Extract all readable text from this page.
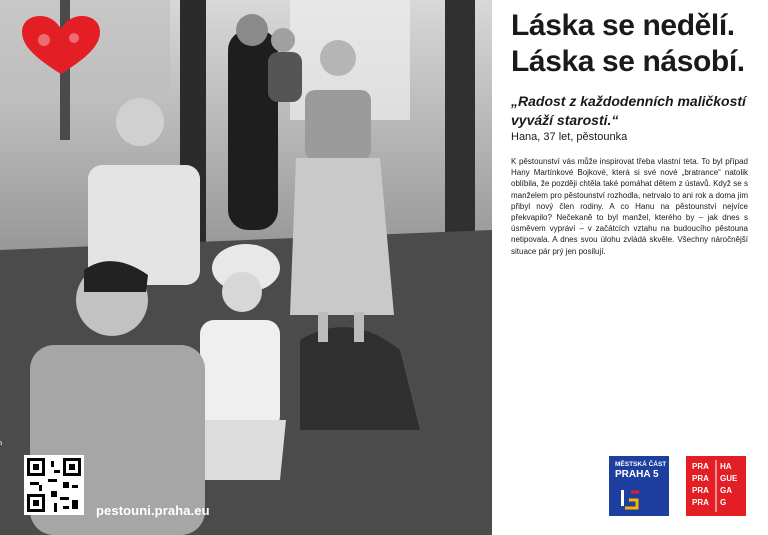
pestouni.praha.eu
Láska se nedělí.
Láska se násobí.

„Radost z každodenních maličkostí vyváží starosti.“

Hana, 37 let, pěstounka

K pěstounství vás může inspirovat třeba vlastní teta. To byl případ Hany Martínkové Bojkové, která si své nové „bratrance“ natolik oblíbila, že později chtěla také pomáhat dětem z ústavů. Když se s manželem pro pěstounství rozhodla, netrvalo to ani rok a doma jim přibyl nový člen rodiny. A co Hanu na pěstounství nejvíce překvapilo? Nečekaně to byl manžel, kterého by – jak dnes s úsměvem vypráví – v začátcích vztahu na budoucího pěstouna netipovala. A dnes svou úlohu zvládá skvěle. Všechny náročnější situace pár prý jen posilují.

MĚSTSKÁ ČÁST
PRAHA 5
PRA HA
PRA GUE
PRA GA
PRA G
